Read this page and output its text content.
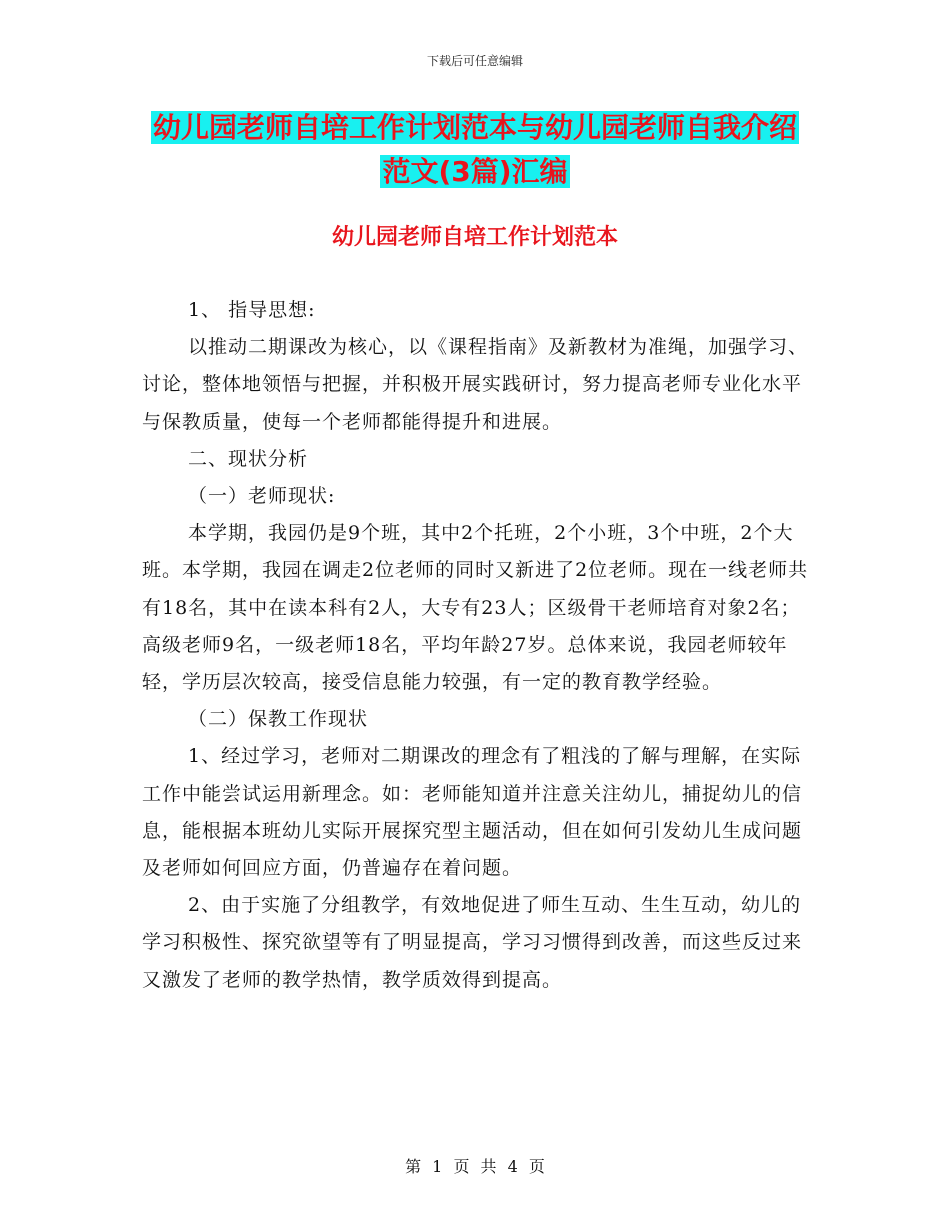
下载后可任意编辑
幼儿园老师自培工作计划范本与幼儿园老师自我介绍
范文(3篇)汇编
幼儿园老师自培工作计划范本

1、 指导思想:

以推动二期课改为核心，以《课程指南》及新教材为准绳，加强学习、讨论，整体地领悟与把握，并积极开展实践研讨，努力提高老师专业化水平与保教质量，使每一个老师都能得提升和进展。

二、现状分析

（一）老师现状:

本学期，我园仍是9个班，其中2个托班，2个小班，3个中班，2个大班。本学期，我园在调走2位老师的同时又新进了2位老师。现在一线老师共有18名，其中在读本科有2人，大专有23人；区级骨干老师培育对象2名；高级老师9名，一级老师18名，平均年龄27岁。总体来说，我园老师较年轻，学历层次较高，接受信息能力较强，有一定的教育教学经验。

（二）保教工作现状

1、经过学习，老师对二期课改的理念有了粗浅的了解与理解，在实际工作中能尝试运用新理念。如：老师能知道并注意关注幼儿，捕捉幼儿的信息，能根据本班幼儿实际开展探究型主题活动，但在如何引发幼儿生成问题及老师如何回应方面，仍普遍存在着问题。

2、由于实施了分组教学，有效地促进了师生互动、生生互动，幼儿的学习积极性、探究欲望等有了明显提高，学习习惯得到改善，而这些反过来又激发了老师的教学热情，教学质效得到提高。

第 1 页 共 4 页
